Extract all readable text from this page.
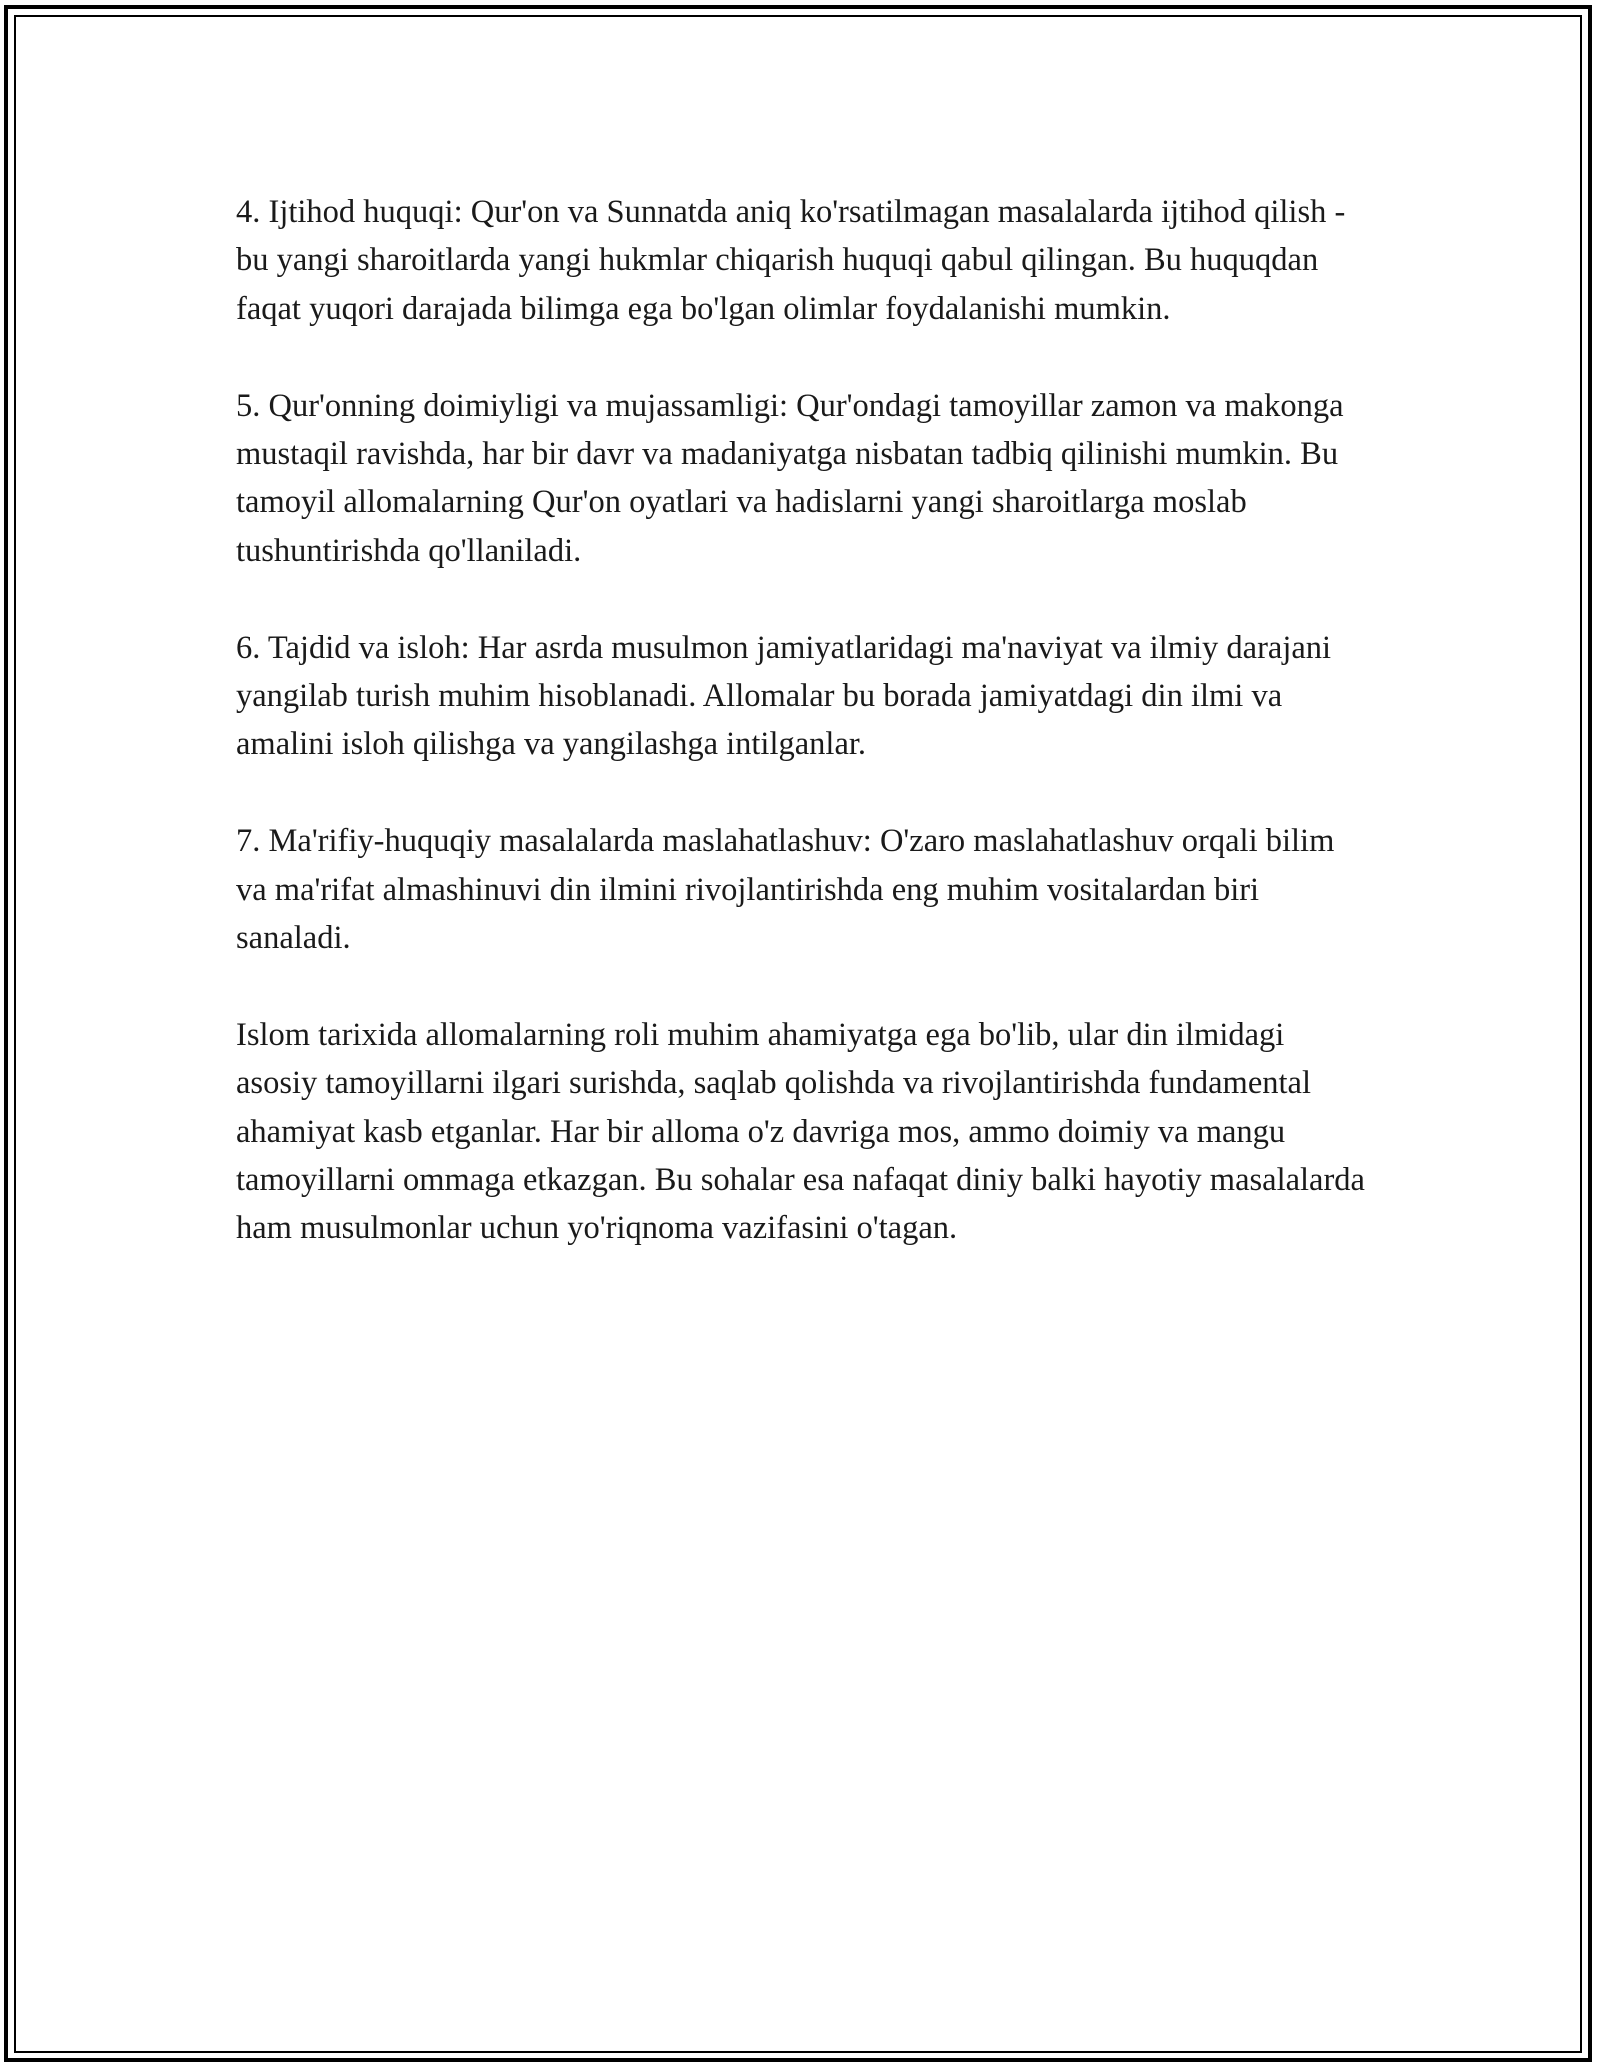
4. Ijtihod huquqi: Qur'on va Sunnatda aniq ko'rsatilmagan masalalarda ijtihod qilish - bu yangi sharoitlarda yangi hukmlar chiqarish huquqi qabul qilingan. Bu huquqdan faqat yuqori darajada bilimga ega bo'lgan olimlar foydalanishi mumkin.

5. Qur'onning doimiyligi va mujassamligi: Qur'ondagi tamoyillar zamon va makonga mustaqil ravishda, har bir davr va madaniyatga nisbatan tadbiq qilinishi mumkin. Bu tamoyil allomalarning Qur'on oyatlari va hadislarni yangi sharoitlarga moslab tushuntirishda qo'llaniladi.

6. Tajdid va isloh: Har asrda musulmon jamiyatlaridagi ma'naviyat va ilmiy darajani yangilab turish muhim hisoblanadi. Allomalar bu borada jamiyatdagi din ilmi va amalini isloh qilishga va yangilashga intilganlar.

7. Ma'rifiy-huquqiy masalalarda maslahatlashuv: O'zaro maslahatlashuv orqali bilim va ma'rifat almashinuvi din ilmini rivojlantirishda eng muhim vositalardan biri sanaladi.

Islom tarixida allomalarning roli muhim ahamiyatga ega bo'lib, ular din ilmidagi asosiy tamoyillarni ilgari surishda, saqlab qolishda va rivojlantirishda fundamental ahamiyat kasb etganlar. Har bir alloma o'z davriga mos, ammo doimiy va mangu tamoyillarni ommaga etkazgan. Bu sohalar esa nafaqat diniy balki hayotiy masalalarda ham musulmonlar uchun yo'riqnoma vazifasini o'tagan.
